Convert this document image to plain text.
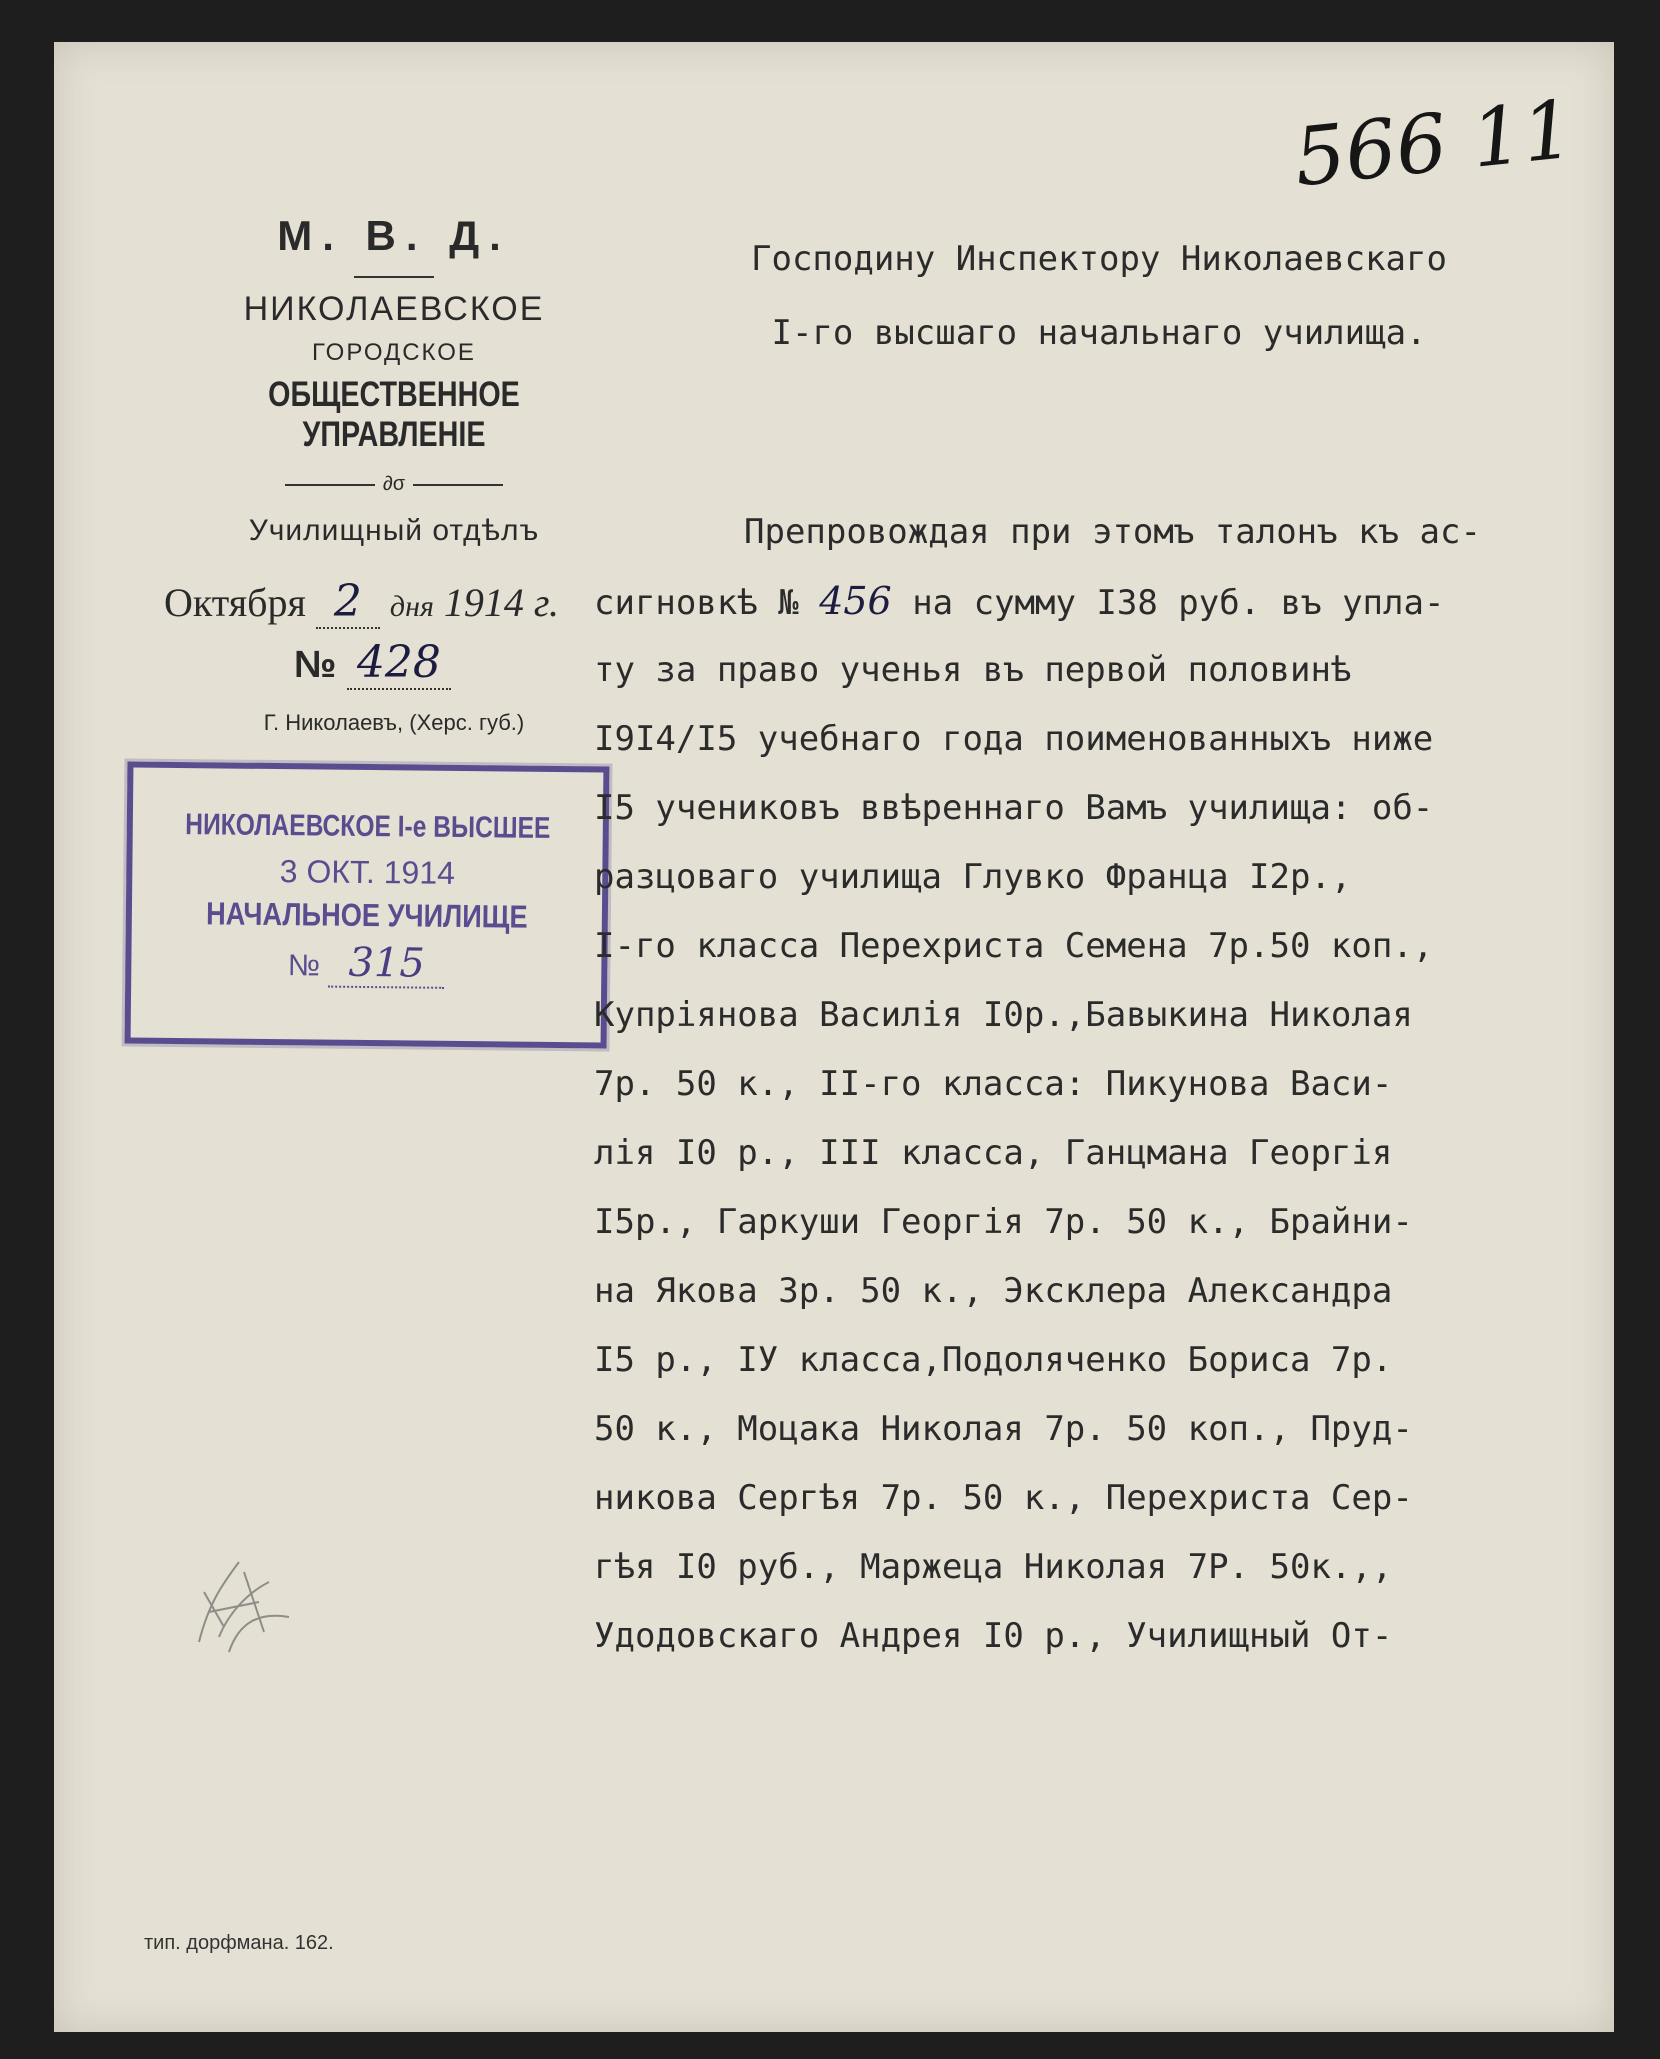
566 11
М. В. Д.
НИКОЛАЕВСКОЕ
ГОРОДСКОЕ
ОБЩЕСТВЕННОЕ УПРАВЛЕНIЕ
∂σ
Училищный отдѣлъ
Октября 2 дня 1914 г.
№ 428
Г. Николаевъ, (Херс. губ.)
НИКОЛАЕВСКОЕ I-е ВЫСШЕЕ
3 ОКТ. 1914
НАЧАЛЬНОЕ УЧИЛИЩЕ
№ 315
Господину Инспектору Николаевскаго
I-го высшаго начальнаго училища.
Препровождая при этомъ талонъ къ ас-
сигновкѣ № 456 на сумму I38 руб. въ упла-
ту за право ученья въ первой половинѣ
I9I4/I5 учебнаго года поименованныхъ ниже
I5 учениковъ ввѣреннаго Вамъ училища: об-
разцоваго училища Глувко Франца I2р.,
I-го класса Перехриста Семена 7р.50 коп.,
Купрiянова Василiя I0р.,Бавыкина Николая
7р. 50 к., II-го класса: Пикунова Васи-
лiя I0 р., III класса, Ганцмана Георгiя
I5р., Гаркуши Георгiя 7р. 50 к., Брайни-
на Якова 3р. 50 к., Эксклера Александра
I5 р., IУ класса,Подоляченко Бориса 7р.
50 к., Моцака Николая 7р. 50 коп., Пруд-
никова Сергѣя 7р. 50 к., Перехриста Сер-
гѣя I0 руб., Маржеца Николая 7Р. 50к.,,
Удодовскаго Андрея I0 р., Училищный От-
тип. дорфмана. 162.
